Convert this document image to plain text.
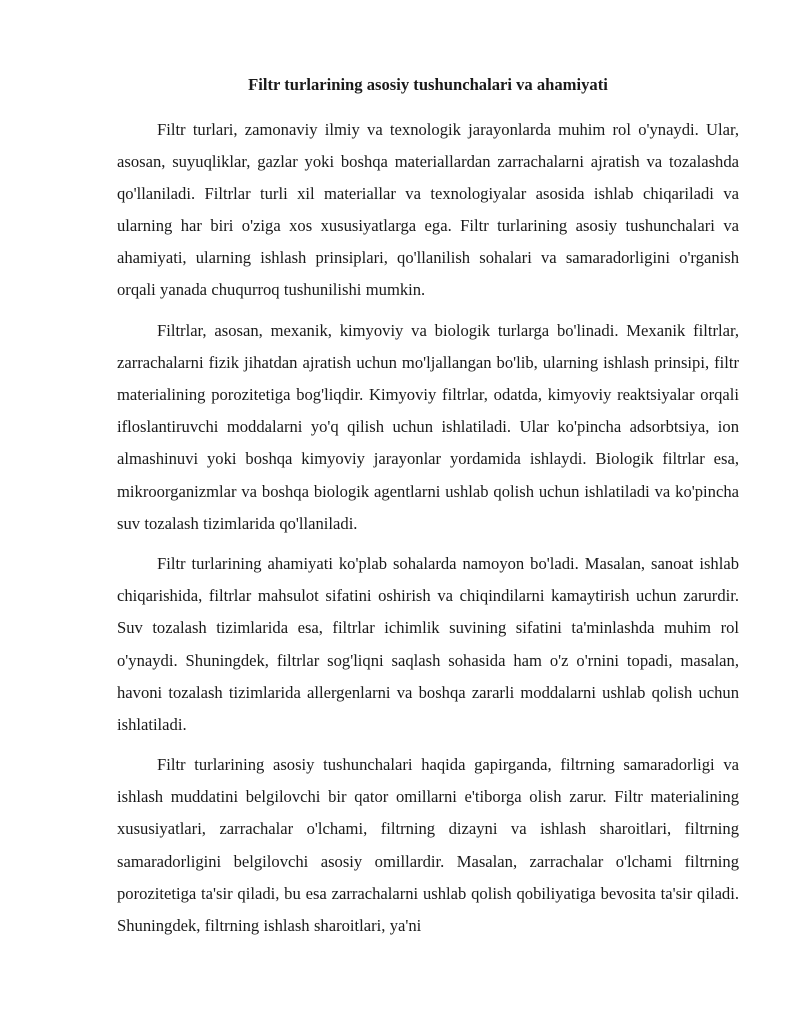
Filtr turlarining asosiy tushunchalari va ahamiyati

Filtr turlari, zamonaviy ilmiy va texnologik jarayonlarda muhim rol o'ynaydi. Ular, asosan, suyuqliklar, gazlar yoki boshqa materiallardan zarrachalarni ajratish va tozalashda qo'llaniladi. Filtrlar turli xil materiallar va texnologiyalar asosida ishlab chiqariladi va ularning har biri o'ziga xos xususiyatlarga ega. Filtr turlarining asosiy tushunchalari va ahamiyati, ularning ishlash prinsiplari, qo'llanilish sohalari va samaradorligini o'rganish orqali yanada chuqurroq tushunilishi mumkin.

Filtrlar, asosan, mexanik, kimyoviy va biologik turlarga bo'linadi. Mexanik filtrlar, zarrachalarni fizik jihatdan ajratish uchun mo'ljallangan bo'lib, ularning ishlash prinsipi, filtr materialining porozitetiga bog'liqdir. Kimyoviy filtrlar, odatda, kimyoviy reaktsiyalar orqali ifloslantiruvchi moddalarni yo'q qilish uchun ishlatiladi. Ular ko'pincha adsorbtsiya, ion almashinuvi yoki boshqa kimyoviy jarayonlar yordamida ishlaydi. Biologik filtrlar esa, mikroorganizmlar va boshqa biologik agentlarni ushlab qolish uchun ishlatiladi va ko'pincha suv tozalash tizimlarida qo'llaniladi.

Filtr turlarining ahamiyati ko'plab sohalarda namoyon bo'ladi. Masalan, sanoat ishlab chiqarishida, filtrlar mahsulot sifatini oshirish va chiqindilarni kamaytirish uchun zarurdir. Suv tozalash tizimlarida esa, filtrlar ichimlik suvining sifatini ta'minlashda muhim rol o'ynaydi. Shuningdek, filtrlar sog'liqni saqlash sohasida ham o'z o'rnini topadi, masalan, havoni tozalash tizimlarida allergenlarni va boshqa zararli moddalarni ushlab qolish uchun ishlatiladi.

Filtr turlarining asosiy tushunchalari haqida gapirganda, filtrning samaradorligi va ishlash muddatini belgilovchi bir qator omillarni e'tiborga olish zarur. Filtr materialining xususiyatlari, zarrachalar o'lchami, filtrning dizayni va ishlash sharoitlari, filtrning samaradorligini belgilovchi asosiy omillardir. Masalan, zarrachalar o'lchami filtrning porozitetiga ta'sir qiladi, bu esa zarrachalarni ushlab qolish qobiliyatiga bevosita ta'sir qiladi. Shuningdek, filtrning ishlash sharoitlari, ya'ni
